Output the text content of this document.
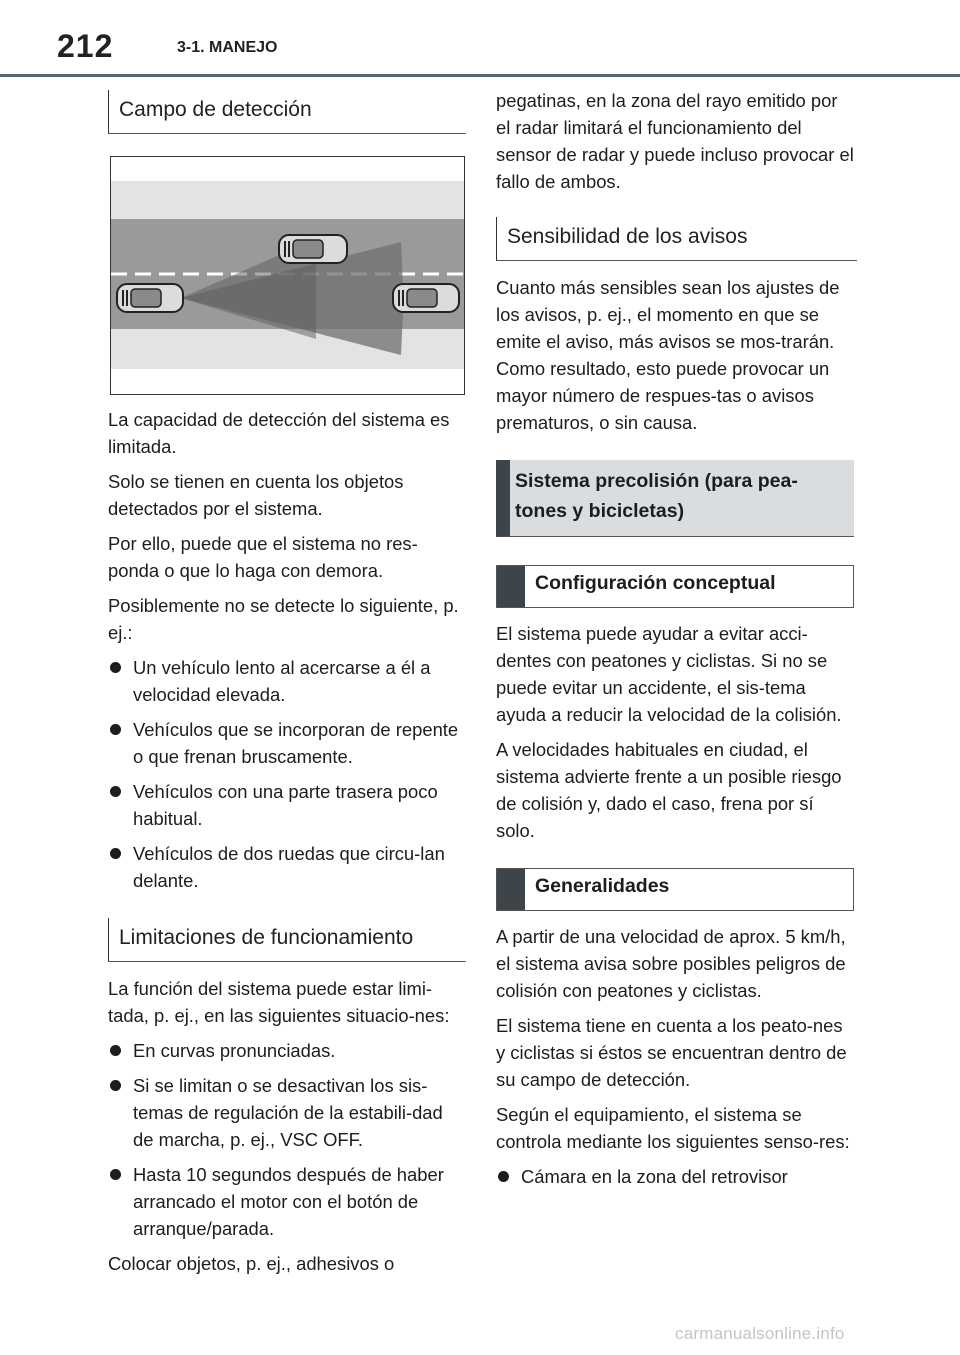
212	3-1. MANEJO
Campo de detección

La capacidad de detección del sistema es limitada.

Solo se tienen en cuenta los objetos detectados por el sistema.

Por ello, puede que el sistema no res-ponda o que lo haga con demora.

Posiblemente no se detecte lo siguiente, p. ej.:

Un vehículo lento al acercarse a él a velocidad elevada.
Vehículos que se incorporan de repente o que frenan bruscamente.
Vehículos con una parte trasera poco habitual.
Vehículos de dos ruedas que circu-lan delante.
Limitaciones de funcionamiento

La función del sistema puede estar limi-tada, p. ej., en las siguientes situacio-nes:

En curvas pronunciadas.
Si se limitan o se desactivan los sis-temas de regulación de la estabili-dad de marcha, p. ej., VSC OFF.
Hasta 10 segundos después de haber arrancado el motor con el botón de arranque/parada.

Colocar objetos, p. ej., adhesivos o

pegatinas, en la zona del rayo emitido por el radar limitará el funcionamiento del sensor de radar y puede incluso provocar el fallo de ambos.

Sensibilidad de los avisos

Cuanto más sensibles sean los ajustes de los avisos, p. ej., el momento en que se emite el aviso, más avisos se mos-trarán. Como resultado, esto puede provocar un mayor número de respues-tas o avisos prematuros, o sin causa.

Sistema precolisión (para pea-tones y bicicletas)
Configuración conceptual

El sistema puede ayudar a evitar acci-dentes con peatones y ciclistas. Si no se puede evitar un accidente, el sis-tema ayuda a reducir la velocidad de la colisión.

A velocidades habituales en ciudad, el sistema advierte frente a un posible riesgo de colisión y, dado el caso, frena por sí solo.

Generalidades

A partir de una velocidad de aprox. 5 km/h, el sistema avisa sobre posibles peligros de colisión con peatones y ciclistas.

El sistema tiene en cuenta a los peato-nes y ciclistas si éstos se encuentran dentro de su campo de detección.

Según el equipamiento, el sistema se controla mediante los siguientes senso-res:

Cámara en la zona del retrovisor
carmanualsonline.info
